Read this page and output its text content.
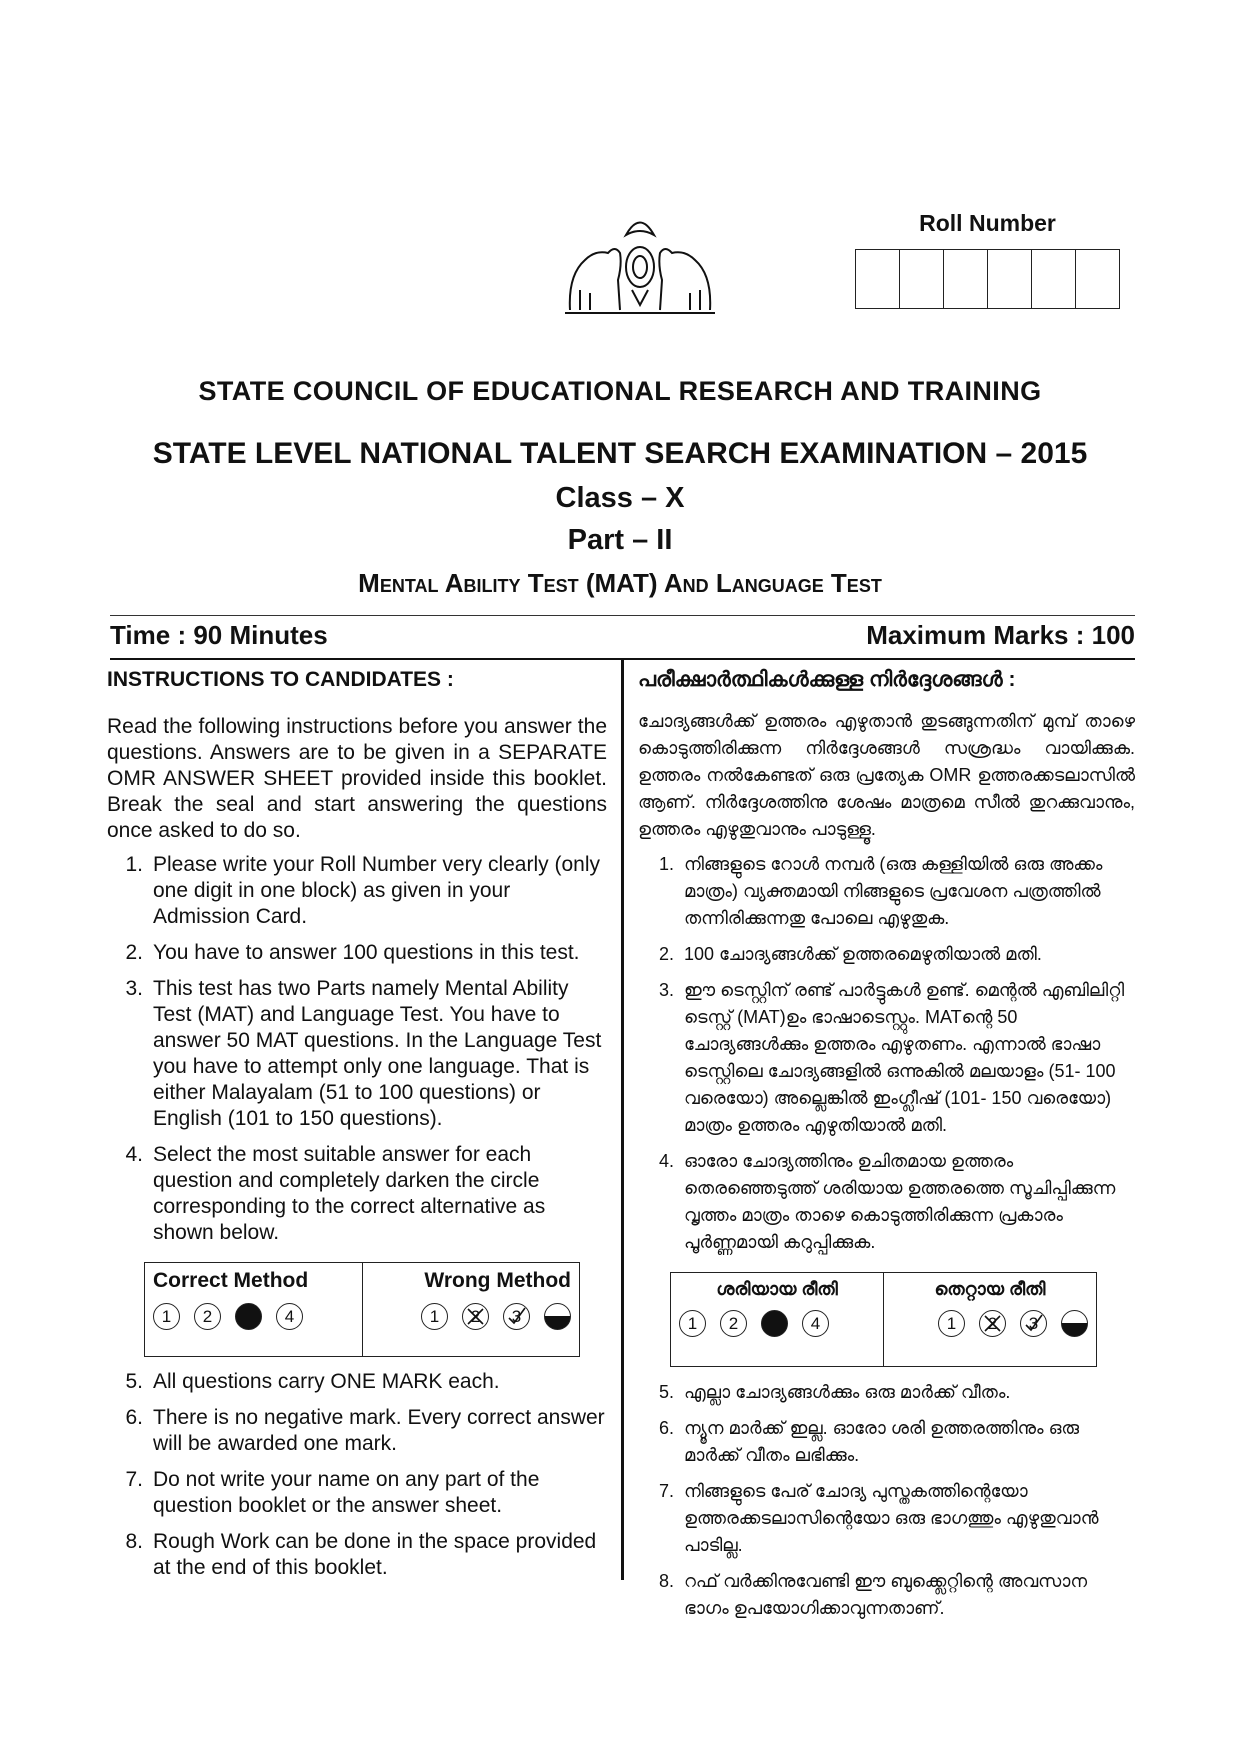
Roll Number
STATE COUNCIL OF EDUCATIONAL RESEARCH AND TRAINING
STATE LEVEL NATIONAL TALENT SEARCH EXAMINATION – 2015
Class – X
Part – II
Mental Ability Test (MAT) And Language Test
Time : 90 Minutes	Maximum Marks : 100
INSTRUCTIONS TO CANDIDATES :
Read the following instructions before you answer the questions. Answers are to be given in a SEPARATE OMR ANSWER SHEET provided inside this booklet. Break the seal and start answering the questions once asked to do so.
1. Please write your Roll Number very clearly (only one digit in one block) as given in your Admission Card.
2. You have to answer 100 questions in this test.
3. This test has two Parts namely Mental Ability Test (MAT) and Language Test. You have to answer 50 MAT questions. In the Language Test you have to attempt only one language. That is either Malayalam (51 to 100 questions) or English (101 to 150 questions).
4. Select the most suitable answer for each question and completely darken the circle corresponding to the correct alternative as shown below.
Correct Method
1	2	4
Wrong Method
1	2	3
5. All questions carry ONE MARK each.
6. There is no negative mark. Every correct answer will be awarded one mark.
7. Do not write your name on any part of the question booklet or the answer sheet.
8. Rough Work can be done in the space provided at the end of this booklet.
പരീക്ഷാർത്ഥികൾക്കുള്ള നിർദ്ദേശങ്ങൾ :
ചോദ്യങ്ങൾക്ക് ഉത്തരം എഴുതാൻ തുടങ്ങുന്നതിന് മുമ്പ് താഴെ കൊടുത്തിരിക്കുന്ന നിർദ്ദേശങ്ങൾ സശ്രദ്ധം വായിക്കുക. ഉത്തരം നൽകേണ്ടത് ഒരു പ്രത്യേക OMR ഉത്തരക്കടലാസിൽ ആണ്. നിർദ്ദേശത്തിനു ശേഷം മാത്രമെ സീൽ തുറക്കുവാനും, ഉത്തരം എഴുതുവാനും പാടുള്ളൂ.
1. നിങ്ങളുടെ റോൾ നമ്പർ (ഒരു കള്ളിയിൽ ഒരു അക്കം മാത്രം) വ്യക്തമായി നിങ്ങളുടെ പ്രവേശന പത്രത്തിൽ തന്നിരിക്കുന്നതു പോലെ എഴുതുക.
2. 100 ചോദ്യങ്ങൾക്ക് ഉത്തരമെഴുതിയാൽ മതി.
3. ഈ ടെസ്റ്റിന് രണ്ട് പാർട്ടുകൾ ഉണ്ട്. മെന്റൽ എബിലിറ്റി ടെസ്റ്റ് (MAT)ഉം ഭാഷാടെസ്റ്റും. MATന്റെ 50 ചോദ്യങ്ങൾക്കും ഉത്തരം എഴുതണം. എന്നാൽ ഭാഷാ ടെസ്റ്റിലെ ചോദ്യങ്ങളിൽ ഒന്നുകിൽ മലയാളം (51- 100 വരെയോ) അല്ലെങ്കിൽ ഇംഗ്ലീഷ് (101- 150 വരെയോ) മാത്രം ഉത്തരം എഴുതിയാൽ മതി.
4. ഓരോ ചോദ്യത്തിനും ഉചിതമായ ഉത്തരം തെരഞ്ഞെടുത്ത് ശരിയായ ഉത്തരത്തെ സൂചിപ്പിക്കുന്ന വൃത്തം മാത്രം താഴെ കൊടുത്തിരിക്കുന്ന പ്രകാരം പൂർണ്ണമായി കറുപ്പിക്കുക.
ശരിയായ രീതി
1	2	4
തെറ്റായ രീതി
1	2	3
5. എല്ലാ ചോദ്യങ്ങൾക്കും ഒരു മാർക്ക് വീതം.
6. ന്യൂന മാർക്ക് ഇല്ല. ഓരോ ശരി ഉത്തരത്തിനും ഒരു മാർക്ക് വീതം ലഭിക്കും.
7. നിങ്ങളുടെ പേര് ചോദ്യ പുസ്തകത്തിന്റെയോ ഉത്തരക്കടലാസിന്റെയോ ഒരു ഭാഗത്തും എഴുതുവാൻ പാടില്ല.
8. റഫ് വർക്കിനുവേണ്ടി ഈ ബുക്ക്ലെറ്റിന്റെ അവസാന ഭാഗം ഉപയോഗിക്കാവുന്നതാണ്.
